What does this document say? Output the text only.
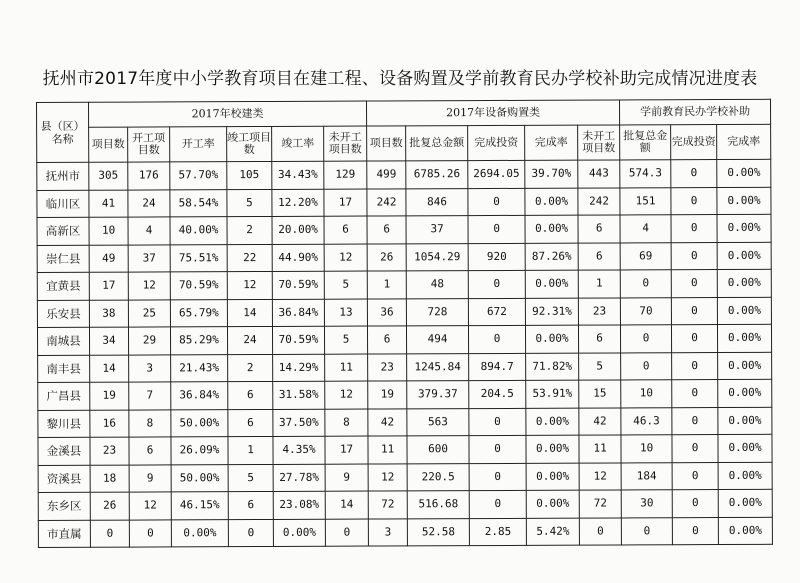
抚州市2017年度中小学教育项目在建工程、设备购置及学前教育民办学校补助完成情况进度表
县（区）名称	2017年校建类						2017年设备购置类					学前教育民办学校补助		
	项目数	开工项目数	开工率	竣工项目数	竣工率	未开工项目数	项目数	批复总金额	完成投资	完成率	未开工项目数	批复总金额	完成投资	完成率
抚州市	305	176	57.70%	105	34.43%	129	499	6785.26	2694.05	39.70%	443	574.3	0	0.00%
临川区	41	24	58.54%	5	12.20%	17	242	846	0	0.00%	242	151	0	0.00%
高新区	10	4	40.00%	2	20.00%	6	6	37	0	0.00%	6	4	0	0.00%
崇仁县	49	37	75.51%	22	44.90%	12	26	1054.29	920	87.26%	6	69	0	0.00%
宜黄县	17	12	70.59%	12	70.59%	5	1	48	0	0.00%	1	0	0	0.00%
乐安县	38	25	65.79%	14	36.84%	13	36	728	672	92.31%	23	70	0	0.00%
南城县	34	29	85.29%	24	70.59%	5	6	494	0	0.00%	6	0	0	0.00%
南丰县	14	3	21.43%	2	14.29%	11	23	1245.84	894.7	71.82%	5	0	0	0.00%
广昌县	19	7	36.84%	6	31.58%	12	19	379.37	204.5	53.91%	15	10	0	0.00%
黎川县	16	8	50.00%	6	37.50%	8	42	563	0	0.00%	42	46.3	0	0.00%
金溪县	23	6	26.09%	1	4.35%	17	11	600	0	0.00%	11	10	0	0.00%
资溪县	18	9	50.00%	5	27.78%	9	12	220.5	0	0.00%	12	184	0	0.00%
东乡区	26	12	46.15%	6	23.08%	14	72	516.68	0	0.00%	72	30	0	0.00%
市直属	0	0	0.00%	0	0.00%	0	3	52.58	2.85	5.42%	0	0	0	0.00%
